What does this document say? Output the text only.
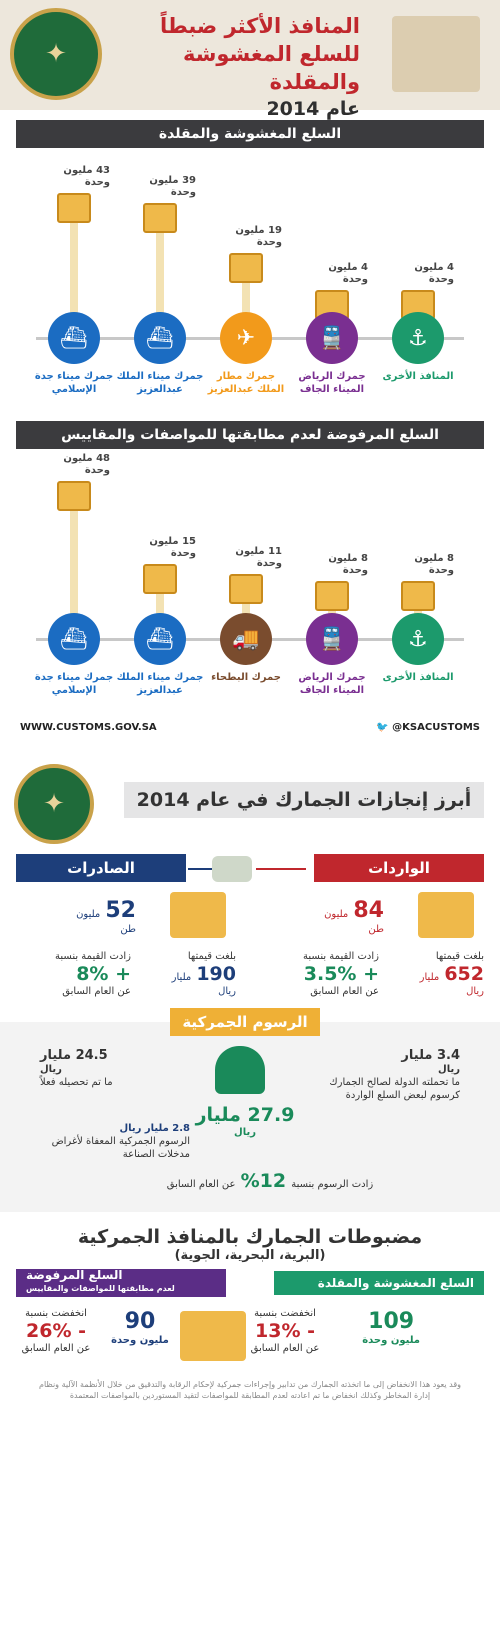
✦
المنافذ الأكثر ضبطاً
للسلع المغشوشة والمقلدة
عام 2014
السلع المغشوشة والمقلدة
43 مليون
وحدة
⛴
جمرك ميناء جدة الإسلامي
39 مليون
وحدة
⛴
جمرك ميناء الملك عبدالعزيز
19 مليون
وحدة
✈
جمرك مطار الملك عبدالعزيز
4 مليون
وحدة
🚆
جمرك الرياض الميناء الجاف
4 مليون
وحدة
⚓
المنافذ الأخرى
السلع المرفوضة لعدم مطابقتها للمواصفات والمقاييس
48 مليون
وحدة
⛴
جمرك ميناء جدة الإسلامي
15 مليون
وحدة
⛴
جمرك ميناء الملك عبدالعزيز
11 مليون
وحدة
🚚
جمرك البطحاء
8 مليون
وحدة
🚆
جمرك الرياض الميناء الجاف
8 مليون
وحدة
⚓
المنافذ الأخرى
WWW.CUSTOMS.GOV.SA	🐦 @KSACUSTOMS
✦	أبرز إنجازات الجمارك في عام 2014
الصادرات	الواردات
84 مليون
طن
بلغت قيمتها
652 مليار
ريال
زادت القيمة بنسبة
+ 3.5%
عن العام السابق
52 مليون
طن
بلغت قيمتها
190 مليار
ريال
زادت القيمة بنسبة
+ 8%
عن العام السابق
الرسوم الجمركية
3.4 مليار
ريال
ما تحملته الدولة لصالح الجمارك كرسوم لبعض السلع الواردة
24.5 مليار
ريال
ما تم تحصيله فعلاً
2.8 مليار ريال
الرسوم الجمركية المعفاة لأغراض مدخلات الصناعة
27.9 مليار
ريال
زادت الرسوم بنسبة 12% عن العام السابق
مضبوطات الجمارك بالمنافذ الجمركية
(البرية، البحرية، الجوية)
السلع المغشوشة والمقلدة
السلع المرفوضة
لعدم مطابقتها للمواصفات والمقاييس
109
مليون وحدة
انخفضت بنسبة
- 13%
عن العام السابق
90
مليون وحدة
انخفضت بنسبة
- 26%
عن العام السابق
وقد يعود هذا الانخفاض إلى ما اتخذته الجمارك من تدابير وإجراءات جمركية لإحكام الرقابة والتدقيق من خلال الأنظمة الآلية ونظام إدارة المخاطر وكذلك انخفاض ما تم اعادته لعدم المطابقة للمواصفات لتقيد المستوردين بالمواصفات المعتمدة
